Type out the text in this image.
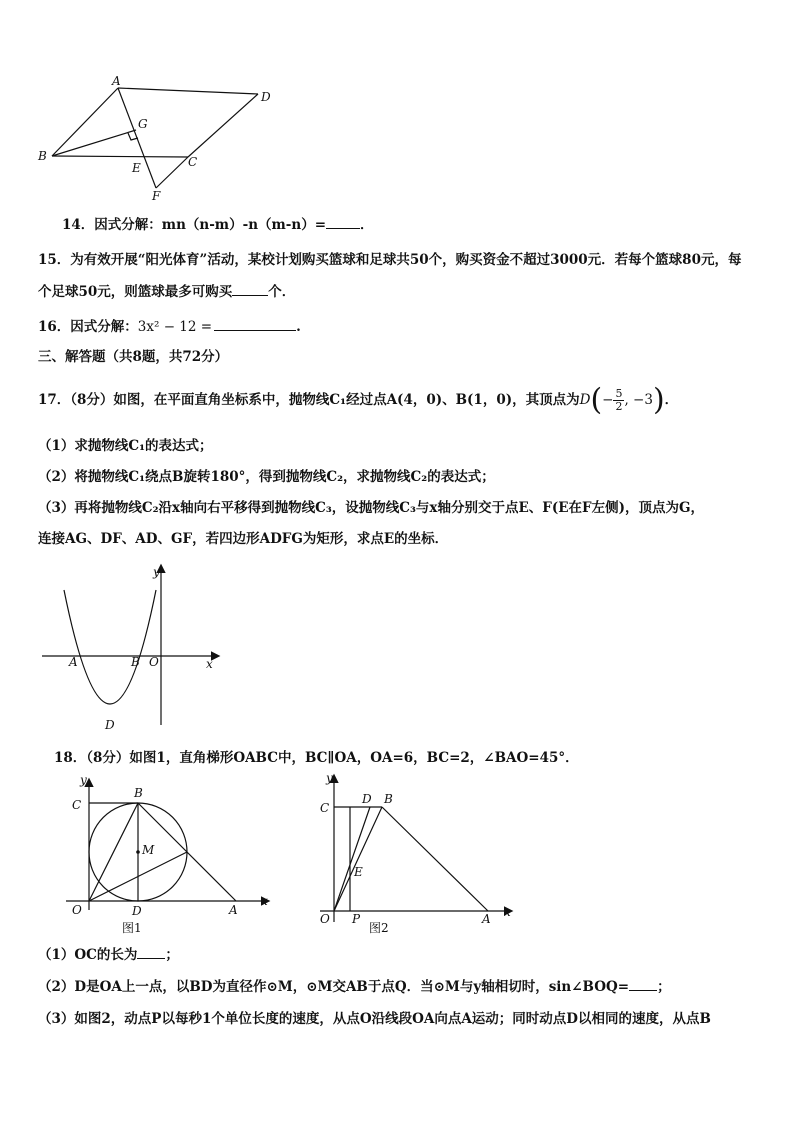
A
D
G
B	C
E
F
14．因式分解：mn（n-m）-n（m-n）=	．
15．为有效开展“阳光体育”活动，某校计划购买篮球和足球共50个，购买资金不超过3000元．若每个篮球80元，每
个足球50元，则篮球最多可购买	个．
16．因式分解：3x² − 12 =	.
三、解答题（共8题，共72分）
17．（8分）如图，在平面直角坐标系中，抛物线C₁经过点A(4，0)、B(1，0)，其顶点为$D(- \frac{5}{2}$ , −3)．
（1）求抛物线C₁的表达式；
（2）将抛物线C₁绕点B旋转180°，得到抛物线C₂，求抛物线C₂的表达式；
（3）再将抛物线C₂沿x轴向右平移得到抛物线C₃，设抛物线C₃与x轴分别交于点E、F(E在F左侧)，顶点为G，
连接AG、DF、AD、GF，若四边形ADFG为矩形，求点E的坐标．
y
x
A	B O
D
18．（8分）如图1，直角梯形OABC中，BC∥OA，OA=6，BC=2，∠BAO=45°．
y
x
C
B
M
O	D	A
图1
y
x
C
D B
E
O P	A
图2
（1）OC的长为 ；
（2）D是OA上一点，以BD为直径作⊙M，⊙M交AB于点Q．当⊙M与y轴相切时，sin∠BOQ= ；
（3）如图2，动点P以每秒1个单位长度的速度，从点O沿线段OA向点A运动；同时动点D以相同的速度，从点B
